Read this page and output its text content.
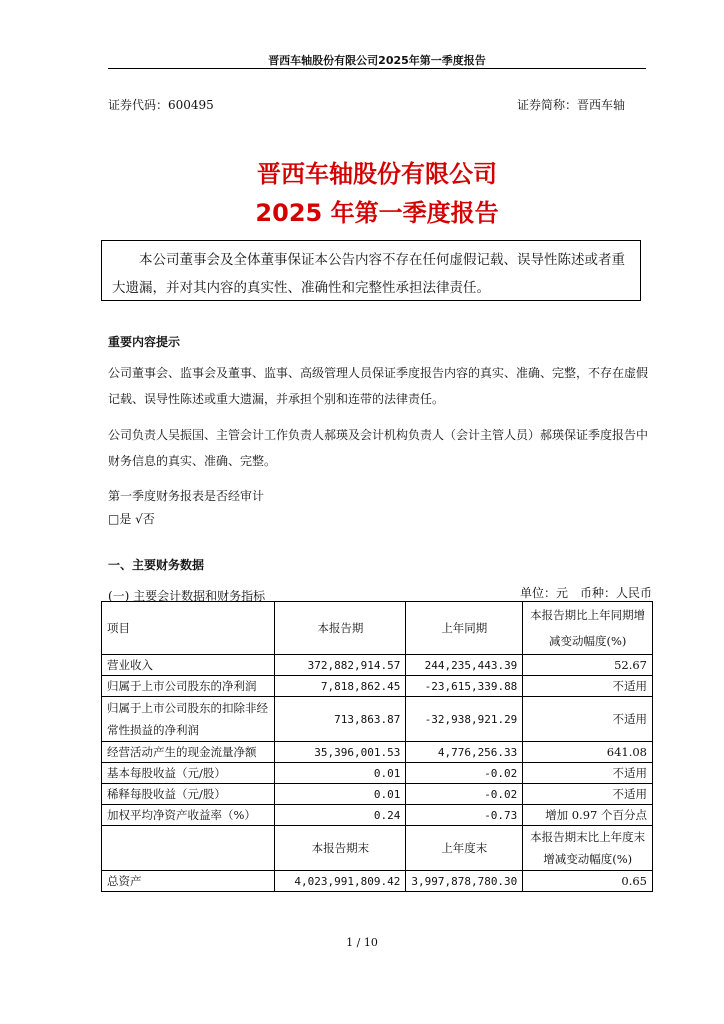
晋西车轴股份有限公司2025年第一季度报告
证券代码：600495	证券简称：晋西车轴
晋西车轴股份有限公司
2025 年第一季度报告

本公司董事会及全体董事保证本公告内容不存在任何虚假记载、误导性陈述或者重大遗漏，并对其内容的真实性、准确性和完整性承担法律责任。

重要内容提示

公司董事会、监事会及董事、监事、高级管理人员保证季度报告内容的真实、准确、完整，不存在虚假记载、误导性陈述或重大遗漏，并承担个别和连带的法律责任。

公司负责人吴振国、主管会计工作负责人郝瑛及会计机构负责人（会计主管人员）郝瑛保证季度报告中财务信息的真实、准确、完整。

第一季度财务报表是否经审计
□是 √否
一、主要财务数据
(一) 主要会计数据和财务指标	单位：元　币种：人民币
项目	本报告期	上年同期	本报告期比上年同期增减变动幅度(%)
营业收入	372,882,914.57	244,235,443.39	52.67
归属于上市公司股东的净利润	7,818,862.45	-23,615,339.88	不适用
归属于上市公司股东的扣除非经常性损益的净利润	713,863.87	-32,938,921.29	不适用
经营活动产生的现金流量净额	35,396,001.53	4,776,256.33	641.08
基本每股收益（元/股）	0.01	-0.02	不适用
稀释每股收益（元/股）	0.01	-0.02	不适用
加权平均净资产收益率（%）	0.24	-0.73	增加 0.97 个百分点
	本报告期末	上年度末	本报告期末比上年度末增减变动幅度(%)
总资产	4,023,991,809.42	3,997,878,780.30	0.65
1 / 10
